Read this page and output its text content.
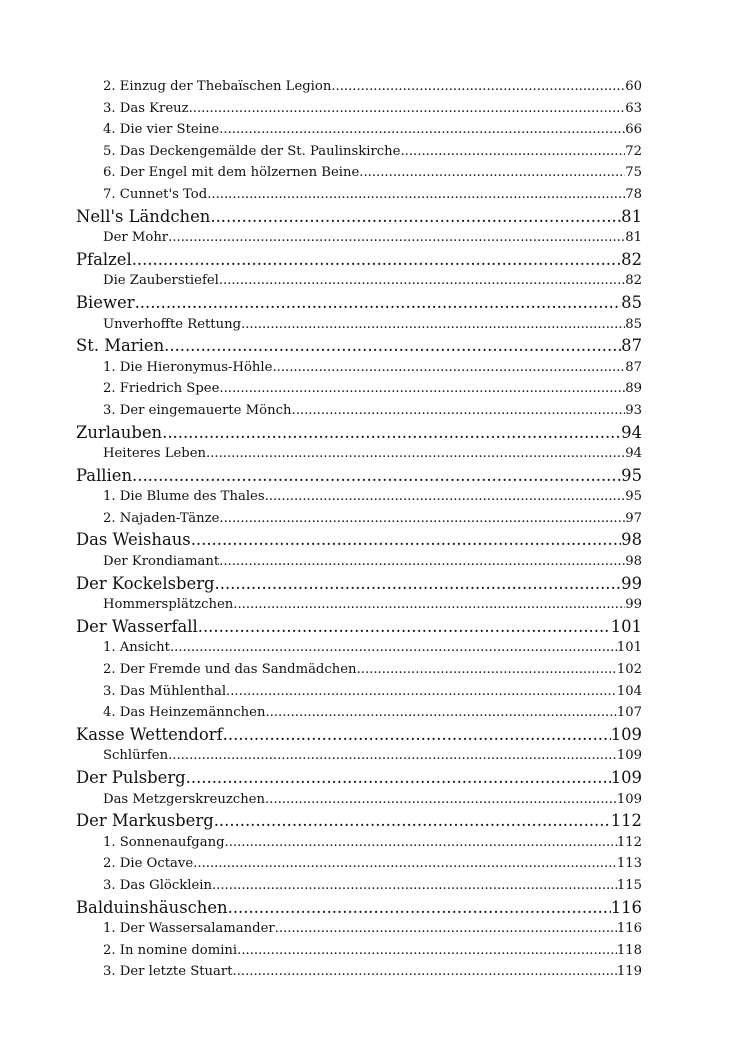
2. Einzug der Thebaïschen Legion .....	60
3. Das Kreuz .....	63
4. Die vier Steine .....	66
5. Das Deckengemälde der St. Paulinskirche .....	72
6. Der Engel mit dem hölzernen Beine .....	75
7. Cunnet's Tod .....	78
Nell's Ländchen .....	81
Der Mohr .....	81
Pfalzel .....	82
Die Zauberstiefel .....	82
Biewer .....	85
Unverhoffte Rettung .....	85
St. Marien .....	87
1. Die Hieronymus-Höhle .....	87
2. Friedrich Spee .....	89
3. Der eingemauerte Mönch .....	93
Zurlauben .....	94
Heiteres Leben .....	94
Pallien .....	95
1. Die Blume des Thales .....	95
2. Najaden-Tänze .....	97
Das Weishaus .....	98
Der Krondiamant .....	98
Der Kockelsberg .....	99
Hommersplätzchen .....	99
Der Wasserfall .....	101
1. Ansicht .....	101
2. Der Fremde und das Sandmädchen .....	102
3. Das Mühlenthal .....	104
4. Das Heinzemännchen .....	107
Kasse Wettendorf .....	109
Schlürfen .....	109
Der Pulsberg .....	109
Das Metzgerskreuzchen .....	109
Der Markusberg .....	112
1. Sonnenaufgang .....	112
2. Die Octave .....	113
3. Das Glöcklein .....	115
Balduinshäuschen .....	116
1. Der Wassersalamander .....	116
2. In nomine domini .....	118
3. Der letzte Stuart .....	119
